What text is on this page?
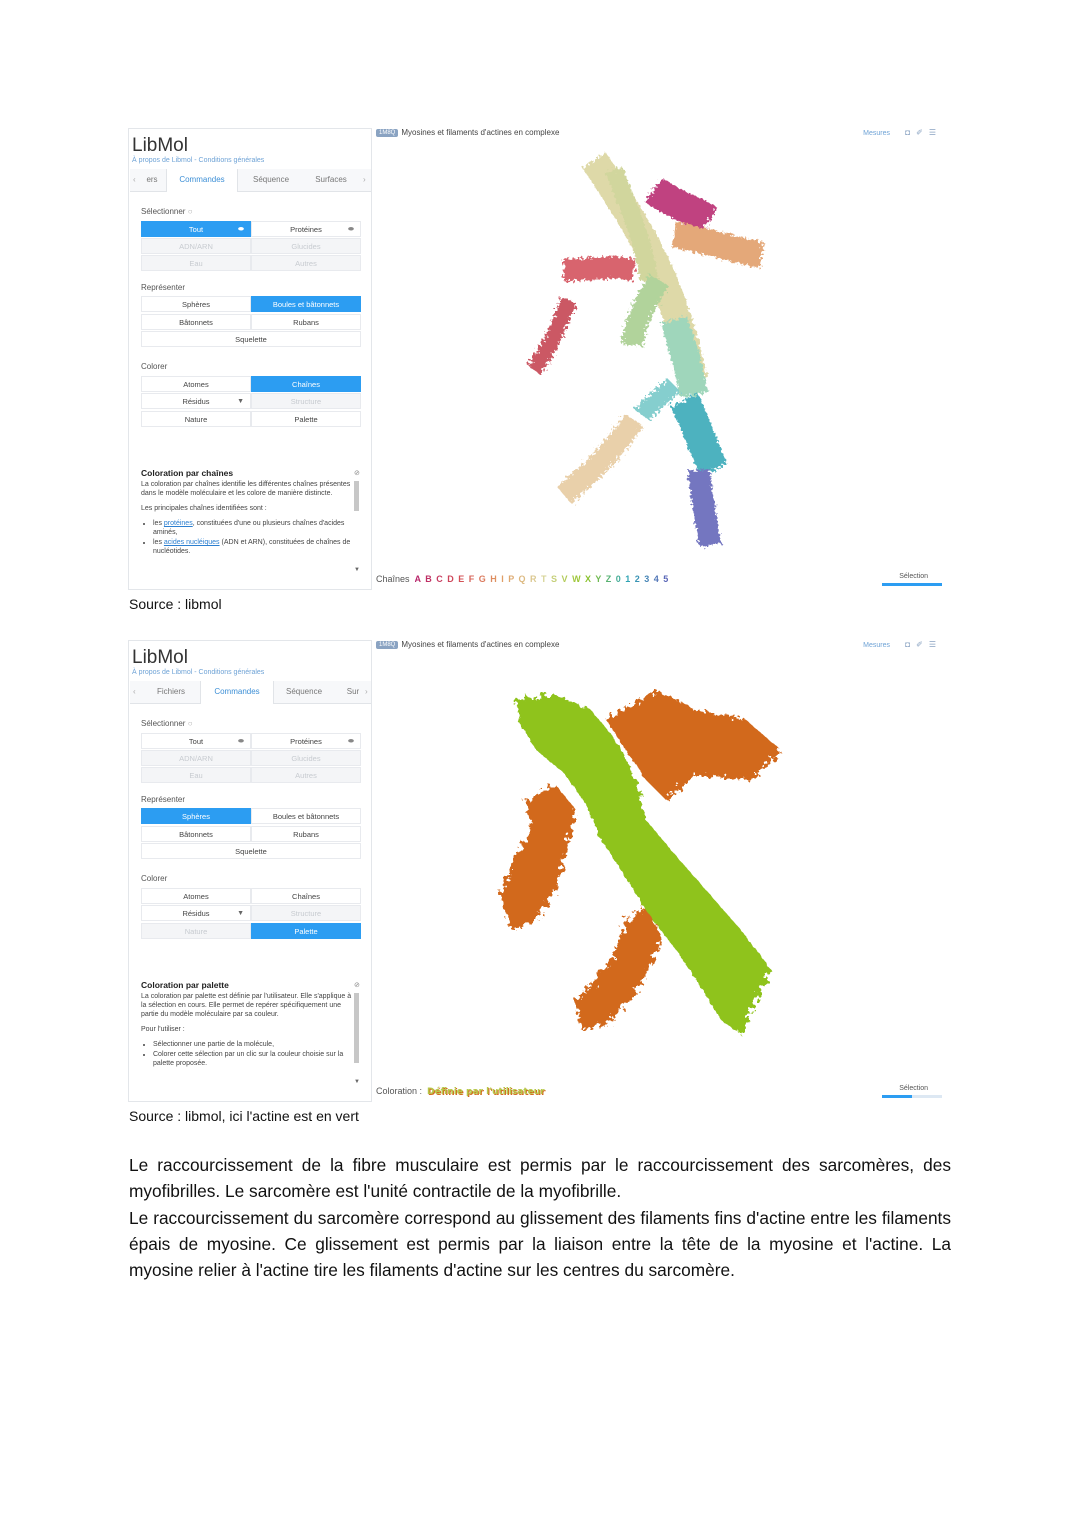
LibMol
À propos de Libmol - Conditions générales
‹	ers	Commandes	Séquence	Surfaces	›
Sélectionner ○
Tout	⬬	Protéines	⬬
ADN/ARN	Glucides
Eau	Autres
Représenter
Sphères	Boules et bâtonnets
Bâtonnets	Rubans
Squelette
Colorer
Atomes	Chaînes
Résidus	▼	Structure
Nature	Palette
Coloration par chaînes

La coloration par chaînes identifie les différentes chaînes présentes dans le modèle moléculaire et les colore de manière distincte.

Les principales chaînes identifiées sont :

• les protéines, constituées d'une ou plusieurs chaînes d'acides aminés,
• les acides nucléiques (ADN et ARN), constituées de chaînes de nucléotides.
⊘
▼
1M8Q Myosines et filaments d'actines en complexe	Mesures ◘✐☰
Chaînes A B C D E F G H I P Q R T S V W X Y Z 0 1 2 3 4 5	Sélection
Source : libmol
LibMol
À propos de Libmol - Conditions générales
‹	Fichiers	Commandes	Séquence	Sur ›
Sélectionner ○
Tout	⬬	Protéines	⬬
ADN/ARN	Glucides
Eau	Autres
Représenter
Sphères	Boules et bâtonnets
Bâtonnets	Rubans
Squelette
Colorer
Atomes	Chaînes
Résidus	▼	Structure
Nature	Palette
Coloration par palette

La coloration par palette est définie par l'utilisateur. Elle s'applique à la sélection en cours. Elle permet de repérer spécifiquement une partie du modèle moléculaire par sa couleur.

Pour l'utiliser :

• Sélectionner une partie de la molécule,
• Colorer cette sélection par un clic sur la couleur choisie sur la palette proposée.
⊘
▼
1M8Q Myosines et filaments d'actines en complexe	Mesures ◘✐☰
Coloration : Définie par l'utilisateur	Sélection
Source : libmol, ici l'actine est en vert

Le raccourcissement de la fibre musculaire est permis par le raccourcissement des sarcomères, des myofibrilles. Le sarcomère est l'unité contractile de la myofibrille.

Le raccourcissement du sarcomère correspond au glissement des filaments fins d'actine entre les filaments épais de myosine. Ce glissement est permis par la liaison entre la tête de la myosine et l'actine. La myosine relier à l'actine tire les filaments d'actine sur les centres du sarcomère.
